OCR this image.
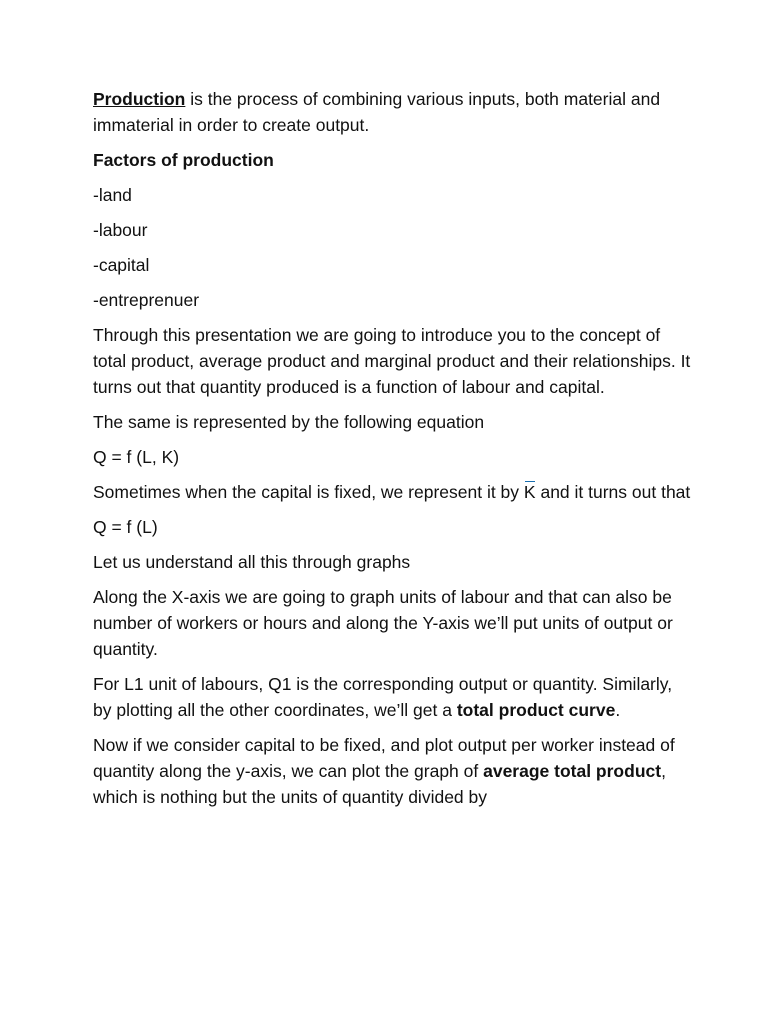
Production is the process of combining various inputs, both material and immaterial in order to create output.

Factors of production

-land

-labour

-capital

-entreprenuer

Through this presentation we are going to introduce you to the concept of total product, average product and marginal product and their relationships. It turns out that quantity produced is a function of labour and capital.

The same is represented by the following equation

Q = f (L, K)

Sometimes when the capital is fixed, we represent it by K and it turns out that

Q = f (L)

Let us understand all this through graphs

Along the X-axis we are going to graph units of labour and that can also be number of workers or hours and along the Y-axis we’ll put units of output or quantity.

For L1 unit of labours, Q1 is the corresponding output or quantity. Similarly, by plotting all the other coordinates, we’ll get a total product curve.

Now if we consider capital to be fixed, and plot output per worker instead of quantity along the y-axis, we can plot the graph of average total product, which is nothing but the units of quantity divided by
